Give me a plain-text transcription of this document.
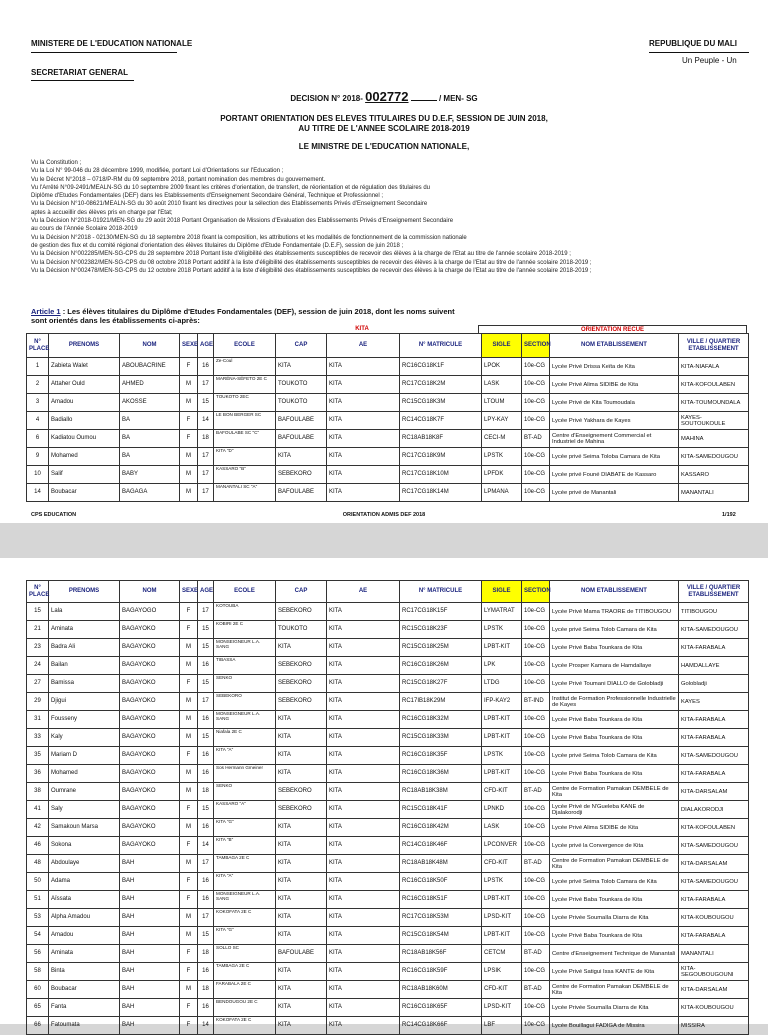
MINISTERE DE L'EDUCATION NATIONALE
SECRETARIAT GENERAL
REPUBLIQUE DU MALI
Un Peuple - Un
DECISION N° 2018- 002772	/ MEN- SG
PORTANT ORIENTATION DES ELEVES TITULAIRES DU D.E.F, SESSION DE JUIN 2018,
AU TITRE DE L'ANNEE SCOLAIRE 2018-2019
LE MINISTRE DE L'EDUCATION NATIONALE,
Vu la Constitution ;
Vu la Loi N° 99-046 du 28 décembre 1999, modifiée, portant Loi d'Orientations sur l'Education ;
Vu le Décret N°2018 – 0718/P-RM du 09 septembre 2018, portant nomination des membres du gouvernement.
Vu l'Arrêté N°09-2491/MEALN-SG du 10 septembre 2009 fixant les critères d'orientation, de transfert, de réorientation et de régulation des titulaires du
Diplôme d'Etudes Fondamentales (DEF) dans les Etablissements d'Enseignement Secondaire Général, Technique et Professionnel ;
Vu la Décision N°10-08621/MEALN-SG du 30 août 2010 fixant les directives pour la sélection des Etablissements Privés d'Enseignement Secondaire
aptes à accueillir des élèves pris en charge par l'Etat;
Vu la Décision N°2018-01921/MEN-SG du 29 août 2018 Portant Organisation de Missions d'Evaluation des Etablissements Privés d'Enseignement Secondaire
au cours de l'Année Scolaire 2018-2019
Vu la Décision N°2018 - 02130/MEN-SG du 18 septembre 2018 fixant la composition, les attributions et les modalités de fonctionnement de la commission nationale
de gestion des flux et du comité régional d'orientation des élèves titulaires du Diplôme d'Etude Fondamentale (D.E.F), session de juin 2018 ;
Vu la Décision N°002285/MEN-SG-CPS du 28 septembre 2018 Portant liste d'éligibilité des établissements susceptibles de recevoir des élèves à la charge de l'Etat au titre de l'année scolaire 2018-2019 ;
Vu la Décision N°002382/MEN-SG-CPS du 08 octobre 2018 Portant additif à la liste d'éligibilité des établissements susceptibles de recevoir des élèves à la charge de l'Etat au titre de l'année scolaire 2018-2019 ;
Vu la Décision N°002478/MEN-SG-CPS du 12 octobre 2018 Portant additif à la liste d'éligibilité des établissements susceptibles de recevoir des élèves à la charge de l'Etat au titre de l'année scolaire 2018-2019 ;
Article 1 : Les élèves titulaires du Diplôme d'Etudes Fondamentales (DEF), session de juin 2018, dont les noms suivent
sont orientés dans les établissements ci-après:
KITA	ORIENTATION RECUE
N° PLACE	PRENOMS	NOM	SEXE	AGE	ECOLE	CAP	AE	N° MATRICULE	SIGLE	SECTION	NOM ETABLISSEMENT	VILLE / QUARTIER ETABLISSEMENT
1	Zabieta Walet	ABOUBACRINE	F	16	Ze-Coul	KITA	KITA	RC16CG18K1F	LPOK	10e-CG	Lycée Privé Drissa Keïta de Kita	KITA-NIAFALA
2	Attaher Ould	AHMED	M	17	MARÉNA-SÉFETO 2E C	TOUKOTO	KITA	RC17CG18K2M	LASK	10e-CG	Lycée Privé Alima SIDIBE de Kita	KITA-KOFOULABEN
3	Amadou	AKOSSE	M	15	TOUKOTO 2EC	TOUKOTO	KITA	RC15CG18K3M	LTOUM	10e-CG	Lycée Privé de Kita Toumoudala	KITA-TOUMOUNDALA
4	Badiallo	BA	F	14	LE BON BERGER SC	BAFOULABE	KITA	RC14CG18K7F	LPY-KAY	10e-CG	Lycée Privé Yakhara de Kayes	KAYES-SOUTOUKOULE
6	Kadiatou Oumou	BA	F	18	BAFOULABE SC "C"	BAFOULABE	KITA	RC18AB18K8F	CECI-M	BT-AD	Centre d'Enseignement Commercial et Industriel de Mahina	MAHINA
9	Mohamed	BA	M	17	KITA "D"	KITA	KITA	RC17CG18K9M	LPSTK	10e-CG	Lycée privé Seima Toloba Camara de Kita	KITA-SAMEDOUGOU
10	Salif	BABY	M	17	KASSARO "B"	SEBEKORO	KITA	RC17CG18K10M	LPFDK	10e-CG	Lycée privé Founé DIABATE de Kassaro	KASSARO
14	Boubacar	BAGAGA	M	17	MANANTALI SC "A"	BAFOULABE	KITA	RC17CG18K14M	LPMANA	10e-CG	Lycée privé de Manantali	MANANTALI
CPS EDUCATION	ORIENTATION ADMIS DEF 2018	1/192
N° PLACE	PRENOMS	NOM	SEXE	AGE	ECOLE	CAP	AE	N° MATRICULE	SIGLE	SECTION	NOM ETABLISSEMENT	VILLE / QUARTIER ETABLISSEMENT
15	Lala	BAGAYOGO	F	17	KOTOUBA	SEBEKORO	KITA	RC17CG18K15F	LYMATRAT	10e-CG	Lycée Privé Mama TRAORE de TITIBOUGOU	TITIBOUGOU
21	Aminata	BAGAYOKO	F	15	KOBIRI 2E C	TOUKOTO	KITA	RC15CG18K23F	LPSTK	10e-CG	Lycée privé Seima Tolob Camara de Kita	KITA-SAMEDOUGOU
23	Badra Ali	BAGAYOKO	M	15	MONSEIGNEUR L.A. SANG	KITA	KITA	RC15CG18K25M	LPBT-KIT	10e-CG	Lycée Privé Baba Tounkara de Kita	KITA-FARABALA
24	Bailan	BAGAYOKO	M	16	TIBASSA	SEBEKORO	KITA	RC16CG18K26M	LPK	10e-CG	Lycée Prosper Kamara de Hamdallaye	HAMDALLAYE
27	Bamissa	BAGAYOKO	F	15	SENKO	SEBEKORO	KITA	RC15CG18K27F	LTDG	10e-CG	Lycée Privé Toumani DIALLO de Golobladji	Golobladji
29	Djigui	BAGAYOKO	M	17	SEBEKORO	SEBEKORO	KITA	RC17IB18K29M	IFP-KAY2	BT-IND	Institut de Formation Professionnelle Industrielle de Kayes	KAYES
31	Fousseny	BAGAYOKO	M	16	MONSEIGNEUR L.A. SANG	KITA	KITA	RC16CG18K32M	LPBT-KIT	10e-CG	Lycée Privé Baba Tounkara de Kita	KITA-FARABALA
33	Kaly	BAGAYOKO	M	15	Niafala 2E C	KITA	KITA	RC15CG18K33M	LPBT-KIT	10e-CG	Lycée Privé Baba Tounkara de Kita	KITA-FARABALA
35	Mariam D	BAGAYOKO	F	16	KITA "A"	KITA	KITA	RC16CG18K35F	LPSTK	10e-CG	Lycée privé Seima Tolob Camara de Kita	KITA-SAMEDOUGOU
36	Mohamed	BAGAYOKO	M	16	Sos Hermann Gmeiner	KITA	KITA	RC16CG18K36M	LPBT-KIT	10e-CG	Lycée Privé Baba Tounkara de Kita	KITA-FARABALA
38	Oumrane	BAGAYOKO	M	18	SENKO	SEBEKORO	KITA	RC18AB18K38M	CFD-KIT	BT-AD	Centre de Formation Pamakan DEMBELE de Kita	KITA-DARSALAM
41	Saly	BAGAYOKO	F	15	KASSARO "A"	SEBEKORO	KITA	RC15CG18K41F	LPNKD	10e-CG	Lycée Privé de N'Gueleba KANE de Djalakorodji	DIALAKORODJI
42	Samakoun Marsa	BAGAYOKO	M	16	KITA "G"	KITA	KITA	RC16CG18K42M	LASK	10e-CG	Lycée Privé Alima SIDIBE de Kita	KITA-KOFOULABEN
46	Sokona	BAGAYOKO	F	14	KITA "B"	KITA	KITA	RC14CG18K46F	LPCONVER	10e-CG	Lycée privé la Convergence de Kita	KITA-SAMEDOUGOU
48	Abdoulaye	BAH	M	17	TAMBAGA 2E C	KITA	KITA	RC18AB18K48M	CFD-KIT	BT-AD	Centre de Formation Pamakan DEMBELE de Kita	KITA-DARSALAM
50	Adama	BAH	F	16	KITA "A"	KITA	KITA	RC16CG18K50F	LPSTK	10e-CG	Lycée privé Seima Tolob Camara de Kita	KITA-SAMEDOUGOU
51	Aïssata	BAH	F	16	MONSEIGNEUR L.A. SANG	KITA	KITA	RC16CG18K51F	LPBT-KIT	10e-CG	Lycée Privé Baba Tounkara de Kita	KITA-FARABALA
53	Alpha Amadou	BAH	M	17	KOKOFATA 2E C	KITA	KITA	RC17CG18K53M	LPSD-KIT	10e-CG	Lycée Privée Soumaïla Diarra de Kita	KITA-KOUBOUGOU
54	Amadou	BAH	M	15	KITA "G"	KITA	KITA	RC15CG18K54M	LPBT-KIT	10e-CG	Lycée Privé Baba Tounkara de Kita	KITA-FARABALA
56	Aminata	BAH	F	18	SOLLO SC	BAFOULABE	KITA	RC18AB18K56F	CETCM	BT-AD	Centre d'Enseignement Technique de Manantali	MANANTALI
58	Binta	BAH	F	16	TAMBAGA 2E C	KITA	KITA	RC16CG18K59F	LPSIK	10e-CG	Lycée Privé Satigui Issa KANTE de Kita	KITA-SEGOUBOUGOUNI
60	Boubacar	BAH	M	18	FARABALA 2E C	KITA	KITA	RC18AB18K60M	CFD-KIT	BT-AD	Centre de Formation Pamakan DEMBELE de Kita	KITA-DARSALAM
65	Fanta	BAH	F	16	BENDOUGOU 2E C	KITA	KITA	RC16CG18K65F	LPSD-KIT	10e-CG	Lycée Privée Soumaïla Diarra de Kita	KITA-KOUBOUGOU
66	Fatoumata	BAH	F	14	KOKOFATA 2E C	KITA	KITA	RC14CG18K66F	LBF	10e-CG	Lycée Bouillagui FADIGA de Missira	MISSIRA
